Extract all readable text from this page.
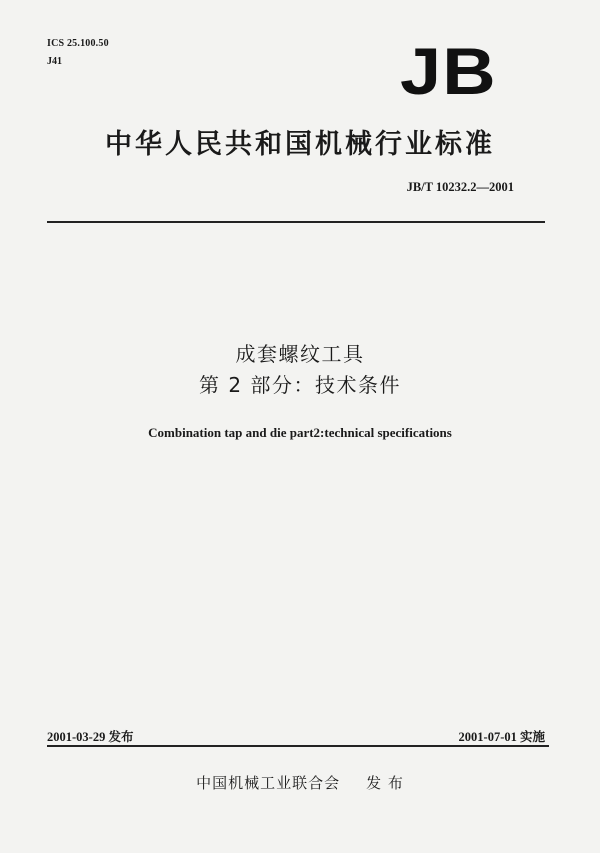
ICS 25.100.50
J41	JB
中华人民共和国机械行业标准
JB/T 10232.2—2001
成套螺纹工具
第 2 部分：技术条件
Combination tap and die part2:technical specifications
2001-03-29 发布	2001-07-01 实施
中国机械工业联合会 发 布
